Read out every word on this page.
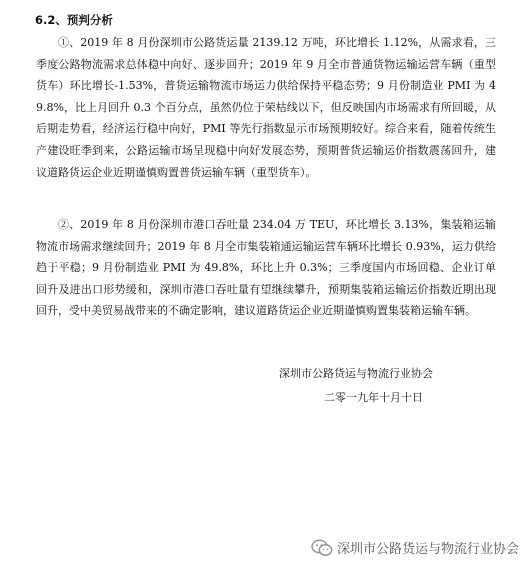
6.2、预判分析

①、2019 年 8 月份深圳市公路货运量 2139.12 万吨，环比增长 1.12%，从需求看，三季度公路物流需求总体稳中向好、逐步回升；2019 年 9 月全市普通货物运输运营车辆（重型货车）环比增长-1.53%，普货运输物流市场运力供给保持平稳态势；9 月份制造业 PMI 为 49.8%，比上月回升 0.3 个百分点，虽然仍位于荣枯线以下，但反映国内市场需求有所回暖，从后期走势看，经济运行稳中向好，PMI 等先行指数显示市场预期较好。综合来看，随着传统生产建设旺季到来，公路运输市场呈现稳中向好发展态势，预期普货运输运价指数震荡回升，建议道路货运企业近期谨慎购置普货运输车辆（重型货车）。

②、2019 年 8 月份深圳市港口吞吐量 234.04 万 TEU，环比增长 3.13%，集装箱运输物流市场需求继续回升；2019 年 8 月全市集装箱通运输运营车辆环比增长 0.93%，运力供给趋于平稳；9 月份制造业 PMI 为 49.8%，环比上升 0.3%；三季度国内市场回稳、企业订单回升及进出口形势缓和，深圳市港口吞吐量有望继续攀升，预期集装箱运输运价指数近期出现回升，受中美贸易战带来的不确定影响，建议道路货运企业近期谨慎购置集装箱运输车辆。

深圳市公路货运与物流行业协会
二零一九年十月十日
深圳市公路货运与物流行业协会
